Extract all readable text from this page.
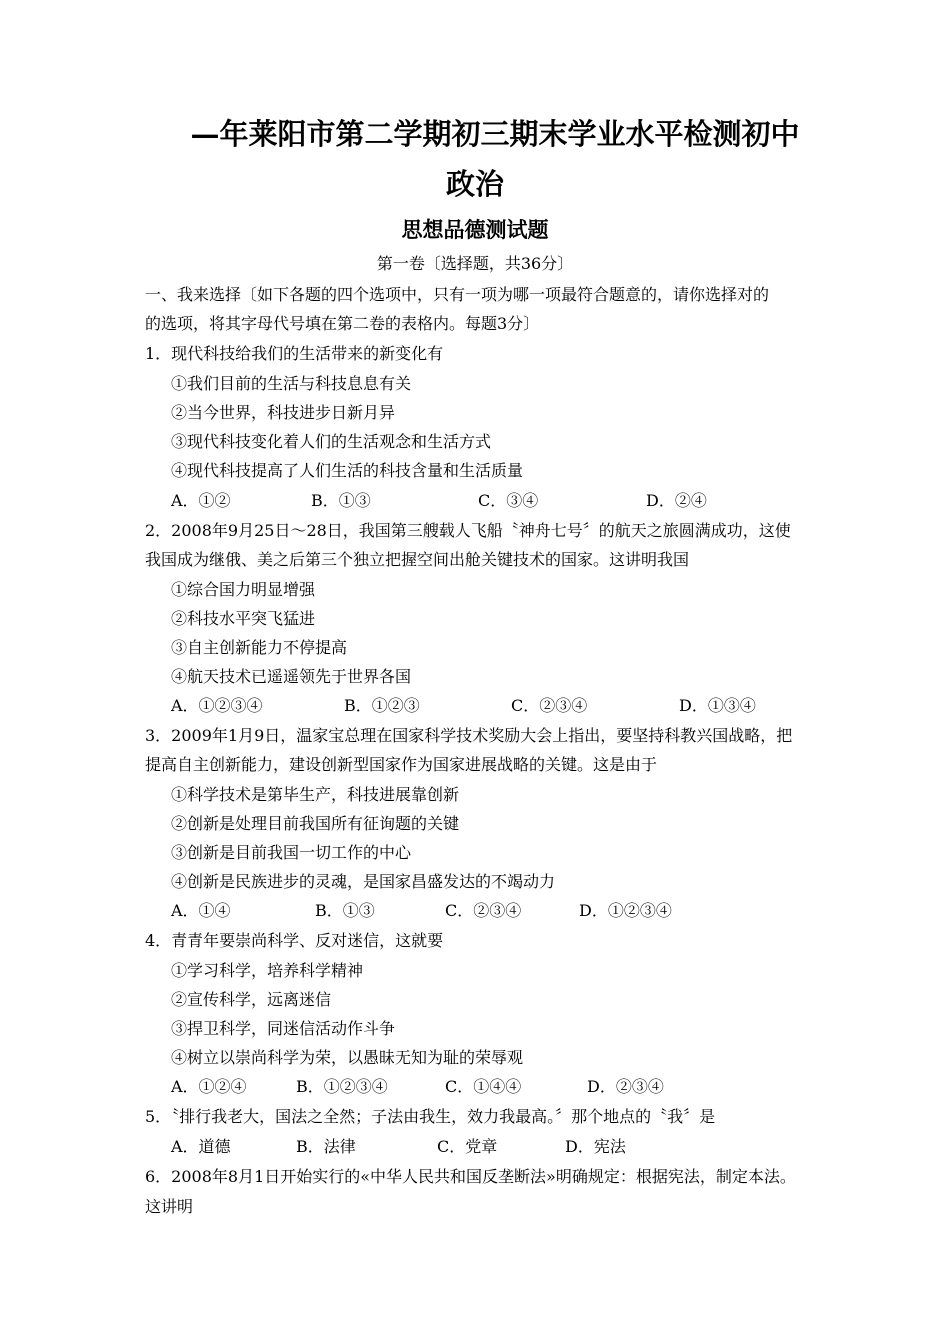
—年莱阳市第二学期初三期末学业水平检测初中
政治
思想品德测试题
第一卷〔选择题，共36分〕
一、我来选择〔如下各题的四个选项中，只有一项为哪一项最符合题意的，请你选择对的
的选项，将其字母代号填在第二卷的表格内。每题3分〕
1．现代科技给我们的生活带来的新变化有
①我们目前的生活与科技息息有关
②当今世界，科技进步日新月异
③现代科技变化着人们的生活观念和生活方式
④现代科技提高了人们生活的科技含量和生活质量
A．①②	B．①③	C．③④	D．②④
2．2008年9月25日～28日，我国第三艘载人飞船〝神舟七号〞的航天之旅圆满成功，这使
我国成为继俄、美之后第三个独立把握空间出舱关键技术的国家。这讲明我国
①综合国力明显增强
②科技水平突飞猛进
③自主创新能力不停提高
④航天技术已遥遥领先于世界各国
A．①②③④	B．①②③	C．②③④	D．①③④
3．2009年1月9日，温家宝总理在国家科学技术奖励大会上指出，要坚持科教兴国战略，把
提高自主创新能力，建设创新型国家作为国家进展战略的关键。这是由于
①科学技术是第毕生产，科技进展靠创新
②创新是处理目前我国所有征询题的关键
③创新是目前我国一切工作的中心
④创新是民族进步的灵魂，是国家昌盛发达的不竭动力
A．①④	B．①③	C．②③④	D．①②③④
4．青青年要崇尚科学、反对迷信，这就要
①学习科学，培养科学精神
②宣传科学，远离迷信
③捍卫科学，同迷信活动作斗争
④树立以崇尚科学为荣，以愚昧无知为耻的荣辱观
A．①②④	B．①②③④	C．①④④	D．②③④
5．〝排行我老大，国法之全然；子法由我生，效力我最高。〞那个地点的〝我〞是
A．道德	B．法律	C．党章	D．宪法
6．2008年8月1日开始实行的«中华人民共和国反垄断法»明确规定：根据宪法，制定本法。
这讲明
